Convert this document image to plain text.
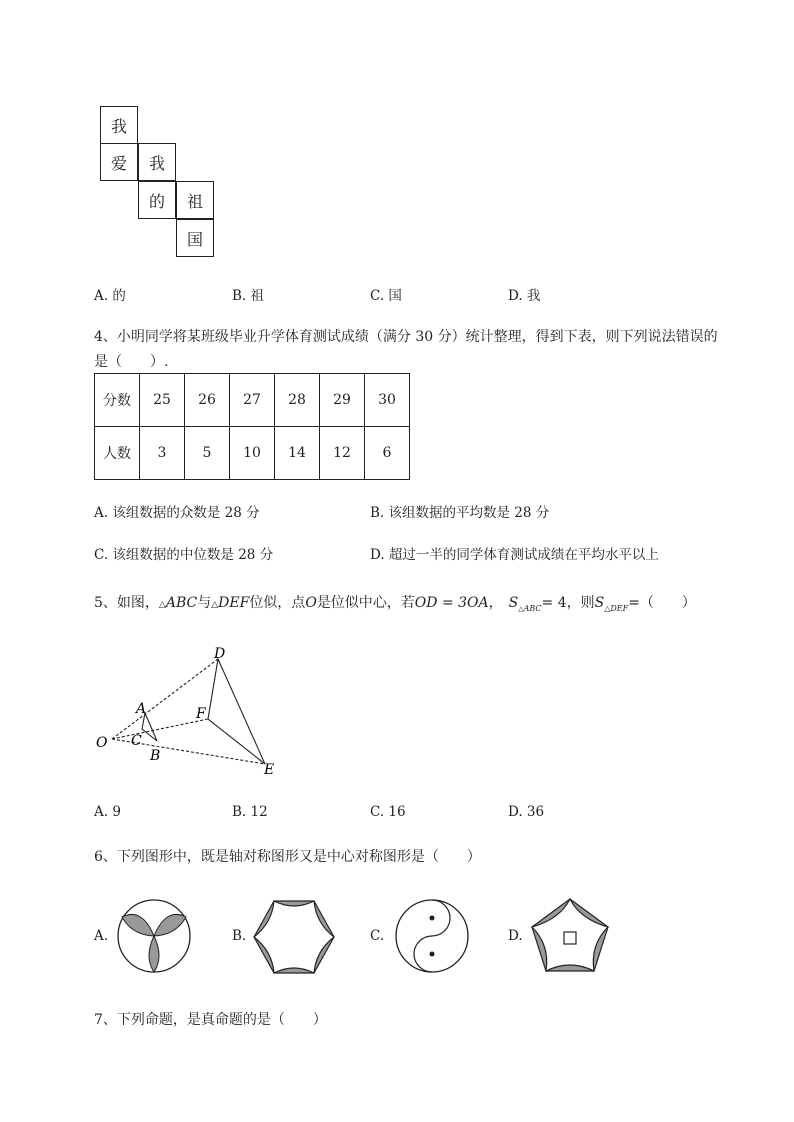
我
爱	我
的	祖
国
A. 的	B. 祖	C. 国	D. 我
4、小明同学将某班级毕业升学体育测试成绩（满分 30 分）统计整理，得到下表，则下列说法错误的
是（　　）.
分数	25	26	27	28	29	30
人数	3	5	10	14	12	6
A. 该组数据的众数是 28 分	B. 该组数据的平均数是 28 分
C. 该组数据的中位数是 28 分	D. 超过一半的同学体育测试成绩在平均水平以上
5、如图，△ABC与△DEF位似，点O是位似中心，若OD = 3OA， $S_{\triangle ABC}= 4$，则$S_{\triangle DEF}=$（　　）
D
A	F
O C
B
E
A. 9	B. 12	C. 16	D. 36
6、下列图形中，既是轴对称图形又是中心对称图形是（　　）
A.	B.	C.	D.
7、下列命题，是真命题的是（　　）
